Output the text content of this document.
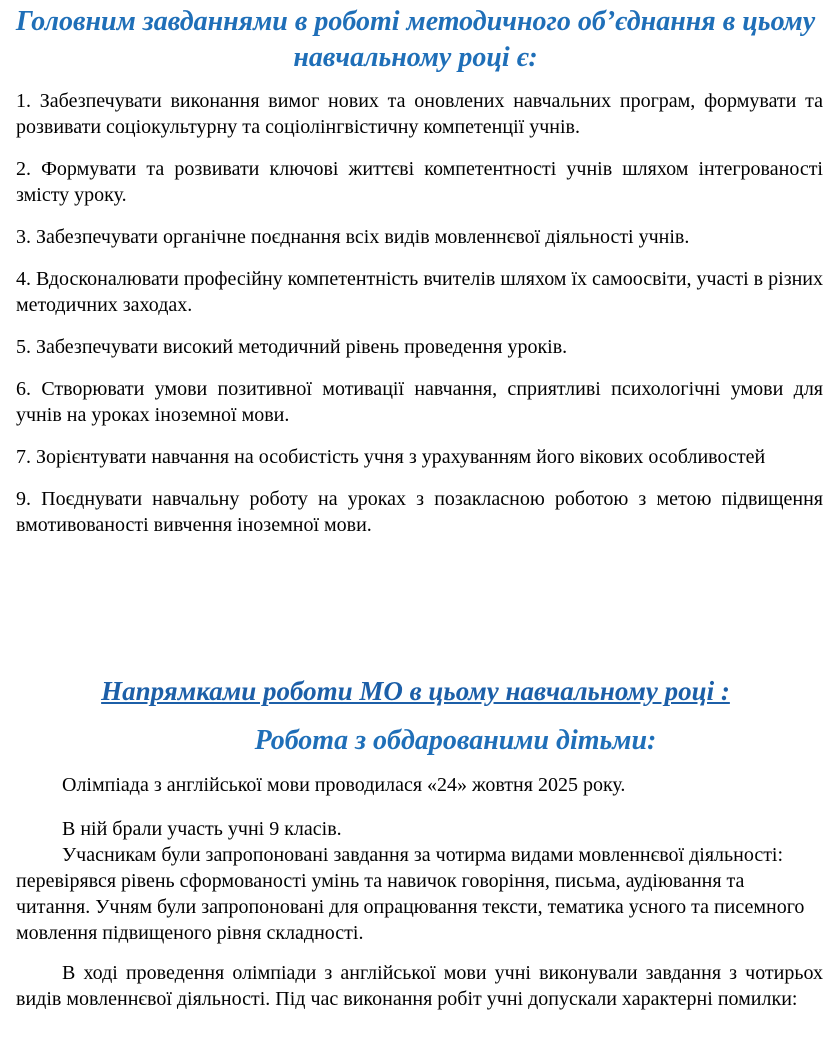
Головним завданнями в роботі методичного об’єднання в цьому навчальному році є:
1. Забезпечувати виконання вимог нових та оновлених навчальних програм, формувати та розвивати соціокультурну та соціолінгвістичну компетенції учнів.
2. Формувати та розвивати ключові життєві компетентності учнів шляхом інтегрованості змісту уроку.
3. Забезпечувати органічне поєднання всіх видів мовленнєвої діяльності учнів.
4. Вдосконалювати професійну компетентність вчителів шляхом їх самоосвіти, участі в різних методичних заходах.
5. Забезпечувати високий методичний рівень проведення уроків.
6. Створювати умови позитивної мотивації навчання, сприятливі психологічні умови для учнів на уроках іноземної мови.
7. Зорієнтувати навчання на особистість учня з урахуванням його вікових особливостей
9. Поєднувати навчальну роботу на уроках з позакласною роботою з метою підвищення вмотивованості вивчення іноземної мови.
Напрямками роботи МО в цьому навчальному році :
Робота з обдарованими дітьми:

Олімпіада з англійської мови проводилася «24» жовтня 2025 року.

В ній брали участь учні 9 класів.

Учасникам були запропоновані завдання за чотирма видами мовленнєвої діяльності: перевірявся рівень сформованості умінь та навичок говоріння, письма, аудіювання та читання. Учням були запропоновані для опрацювання тексти, тематика усного та писемного мовлення підвищеного рівня складності.

В ході проведення олімпіади з англійської мови учні виконували завдання з чотирьох видів мовленнєвої діяльності. Під час виконання робіт учні допускали характерні помилки:
